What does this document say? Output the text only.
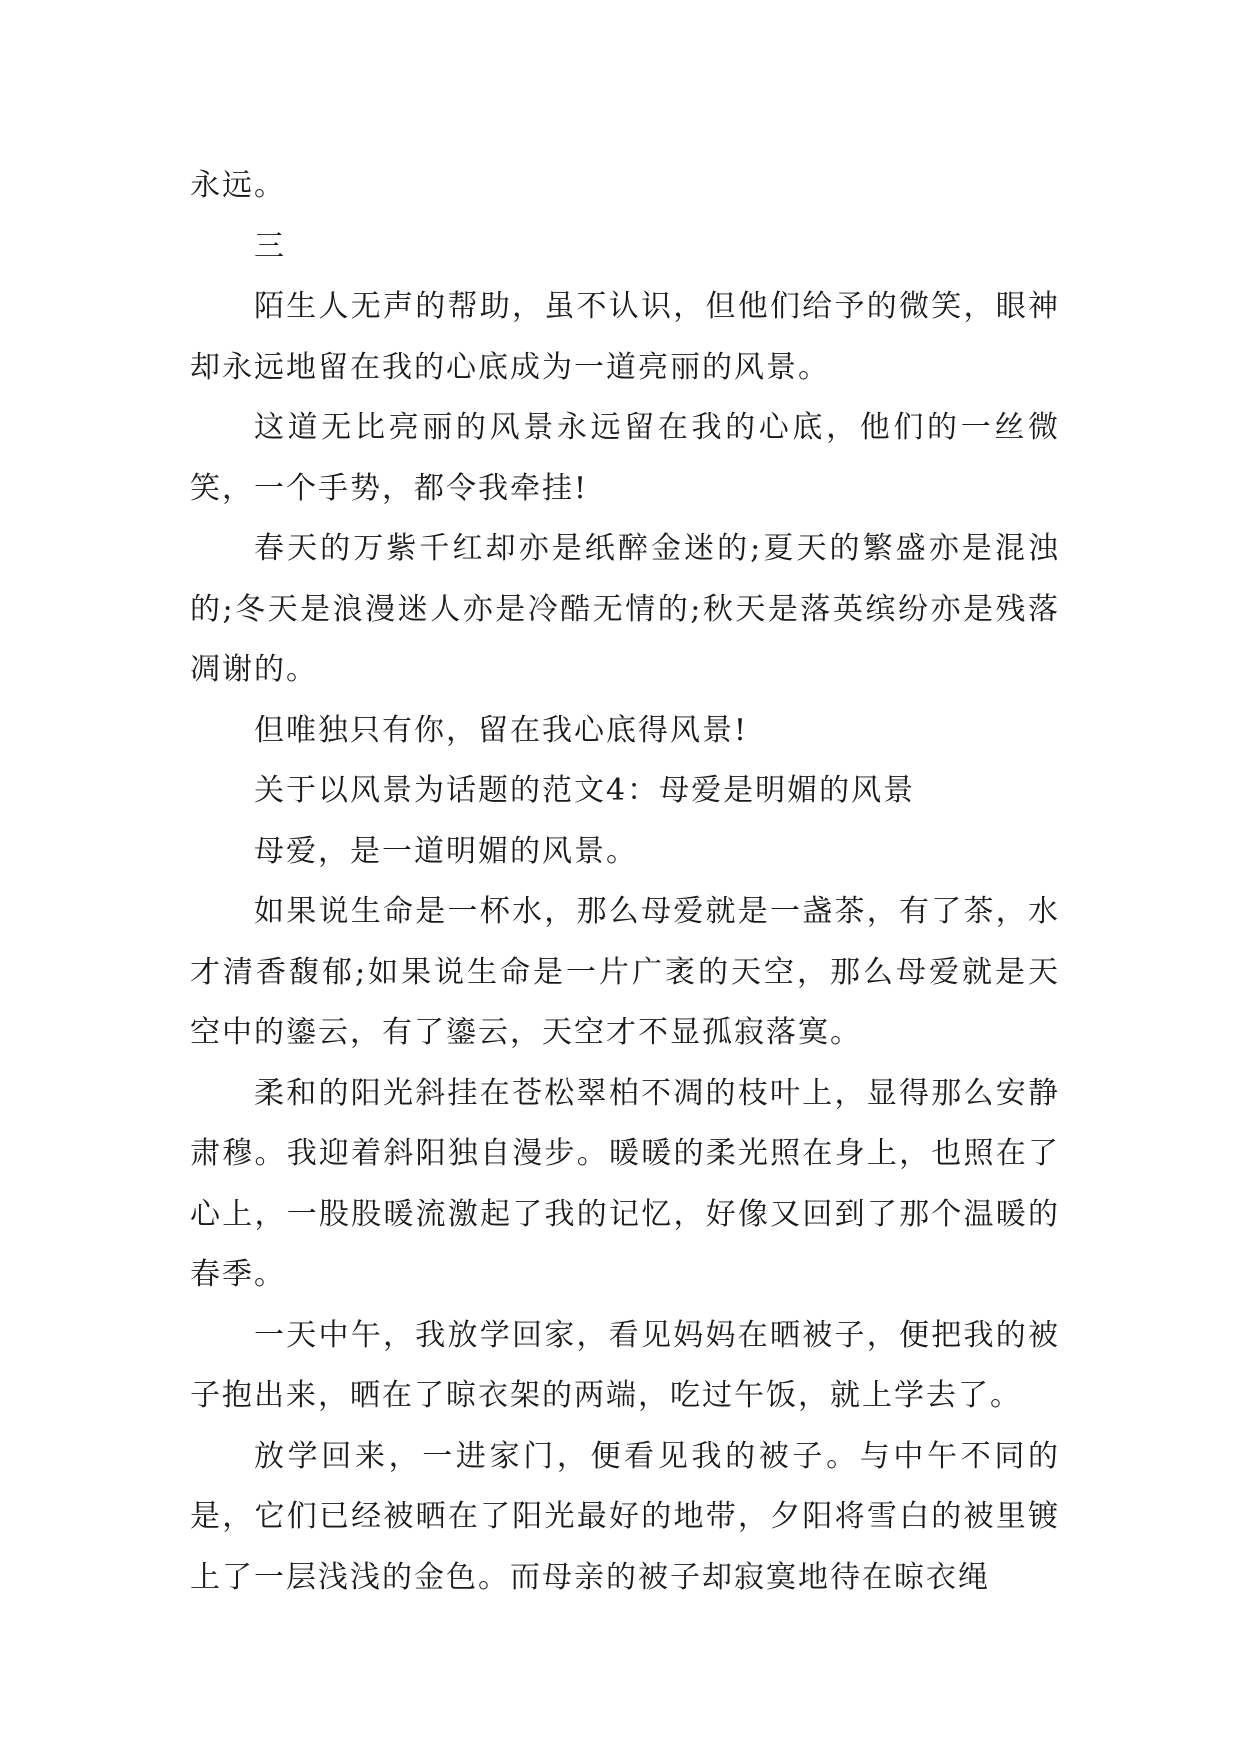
永远。

三

陌生人无声的帮助，虽不认识，但他们给予的微笑，眼神却永远地留在我的心底成为一道亮丽的风景。

这道无比亮丽的风景永远留在我的心底，他们的一丝微笑，一个手势，都令我牵挂!

春天的万紫千红却亦是纸醉金迷的;夏天的繁盛亦是混浊的;冬天是浪漫迷人亦是冷酷无情的;秋天是落英缤纷亦是残落凋谢的。

但唯独只有你，留在我心底得风景!

关于以风景为话题的范文4：母爱是明媚的风景

母爱，是一道明媚的风景。

如果说生命是一杯水，那么母爱就是一盏茶，有了茶，水才清香馥郁;如果说生命是一片广袤的天空，那么母爱就是天空中的鎏云，有了鎏云，天空才不显孤寂落寞。

柔和的阳光斜挂在苍松翠柏不凋的枝叶上，显得那么安静肃穆。我迎着斜阳独自漫步。暖暖的柔光照在身上，也照在了心上，一股股暖流激起了我的记忆，好像又回到了那个温暖的春季。

一天中午，我放学回家，看见妈妈在晒被子，便把我的被子抱出来，晒在了晾衣架的两端，吃过午饭，就上学去了。

放学回来，一进家门，便看见我的被子。与中午不同的是，它们已经被晒在了阳光最好的地带，夕阳将雪白的被里镀上了一层浅浅的金色。而母亲的被子却寂寞地待在晾衣绳
